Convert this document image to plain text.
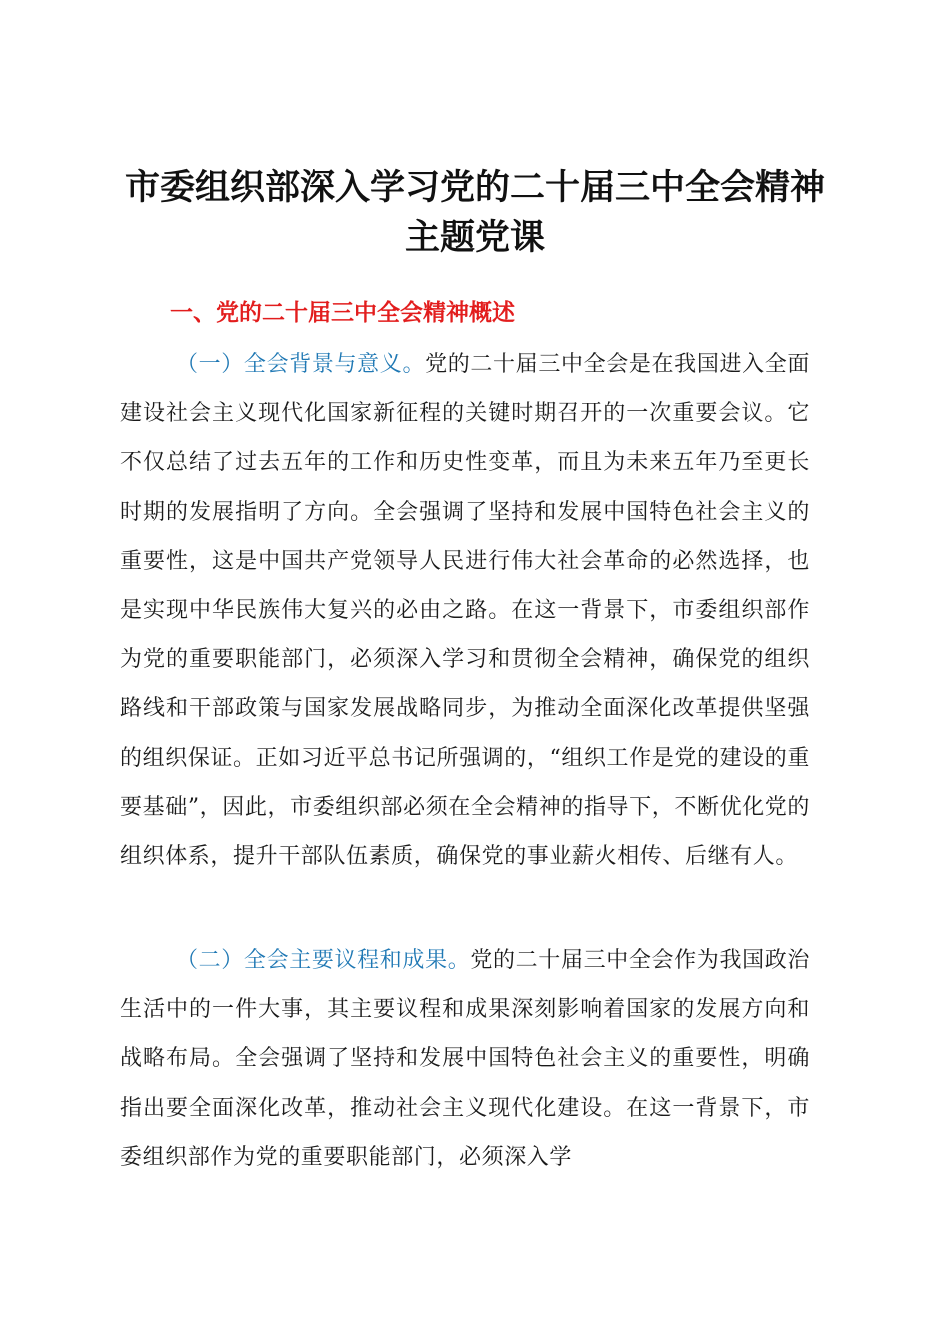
市委组织部深入学习党的二十届三中全会精神
主题党课
一、党的二十届三中全会精神概述

（一）全会背景与意义。党的二十届三中全会是在我国进入全面建设社会主义现代化国家新征程的关键时期召开的一次重要会议。它不仅总结了过去五年的工作和历史性变革，而且为未来五年乃至更长时期的发展指明了方向。全会强调了坚持和发展中国特色社会主义的重要性，这是中国共产党领导人民进行伟大社会革命的必然选择，也是实现中华民族伟大复兴的必由之路。在这一背景下，市委组织部作为党的重要职能部门，必须深入学习和贯彻全会精神，确保党的组织路线和干部政策与国家发展战略同步，为推动全面深化改革提供坚强的组织保证。正如习近平总书记所强调的，“组织工作是党的建设的重要基础”，因此，市委组织部必须在全会精神的指导下，不断优化党的组织体系，提升干部队伍素质，确保党的事业薪火相传、后继有人。

（二）全会主要议程和成果。党的二十届三中全会作为我国政治生活中的一件大事，其主要议程和成果深刻影响着国家的发展方向和战略布局。全会强调了坚持和发展中国特色社会主义的重要性，明确指出要全面深化改革，推动社会主义现代化建设。在这一背景下，市委组织部作为党的重要职能部门，必须深入学
